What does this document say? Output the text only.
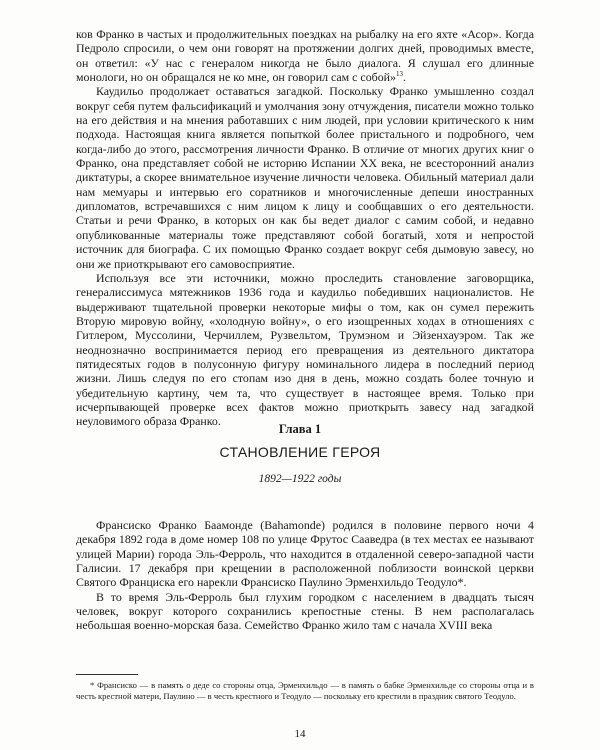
ков Франко в частых и продолжительных поездках на рыбалку на его яхте «Асор». Когда Педроло спросили, о чем они говорят на протяжении долгих дней, проводимых вместе, он ответил: «У нас с генералом никогда не было диалога. Я слушал его длинные монологи, но он обращался не ко мне, он говорил сам с собой»$^{13}$.

Каудильо продолжает оставаться загадкой. Поскольку Франко умышленно создал вокруг себя путем фальсификаций и умолчания зону отчуждения, писатели можно только на его действия и на мнения работавших с ним людей, при условии критического к ним подхода. Настоящая книга является попыткой более пристального и подробного, чем когда-либо до этого, рассмотрения личности Франко. В отличие от многих других книг о Франко, она представляет собой не историю Испании XX века, не всесторонний анализ диктатуры, а скорее внимательное изучение личности человека. Обильный материал дали нам мемуары и интервью его соратников и многочисленные депеши иностранных дипломатов, встречавшихся с ним лицом к лицу и сообщавших о его деятельности. Статьи и речи Франко, в которых он как бы ведет диалог с самим собой, и недавно опубликованные материалы тоже представляют собой богатый, хотя и непростой источник для биографа. С их помощью Франко создает вокруг себя дымовую завесу, но они же приоткрывают его самовосприятие.

Используя все эти источники, можно проследить становление заговорщика, генералиссимуса мятежников 1936 года и каудильо победивших националистов. Не выдерживают тщательной проверки некоторые мифы о том, как он сумел пережить Вторую мировую войну, «холодную войну», о его изощренных ходах в отношениях с Гитлером, Муссолини, Черчиллем, Рузвельтом, Трумэном и Эйзенхауэром. Так же неоднозначно воспринимается период его превращения из деятельного диктатора пятидесятых годов в полусонную фигуру номинального лидера в последний период жизни. Лишь следуя по его стопам изо дня в день, можно создать более точную и убедительную картину, чем та, что существует в настоящее время. Только при исчерпывающей проверке всех фактов можно приоткрыть завесу над загадкой неуловимого образа Франко.

Глава 1
СТАНОВЛЕНИЕ ГЕРОЯ
1892—1922 годы

Франсиско Франко Баамонде (Bahamonde) родился в половине первого ночи 4 декабря 1892 года в доме номер 108 по улице Фрутос Сааведра (в тех местах ее называют улицей Марии) города Эль-Ферроль, что находится в отдаленной северо-западной части Галисии. 17 декабря при крещении в расположенной поблизости воинской церкви Святого Франциска его нарекли Франсиско Паулино Эрменхильдо Теодуло*.

В то время Эль-Ферроль был глухим городком с населением в двадцать тысяч человек, вокруг которого сохранились крепостные стены. В нем располагалась небольшая военно-морская база. Семейство Франко жило там с начала XVIII века

* Франсиско — в память о деде со стороны отца, Эрменхильдо — в память о бабке Эрменхильде со стороны отца и в честь крестной матери, Паулино — в честь крестного и Теодуло — поскольку его крестили в праздник святого Теодуло.
14
